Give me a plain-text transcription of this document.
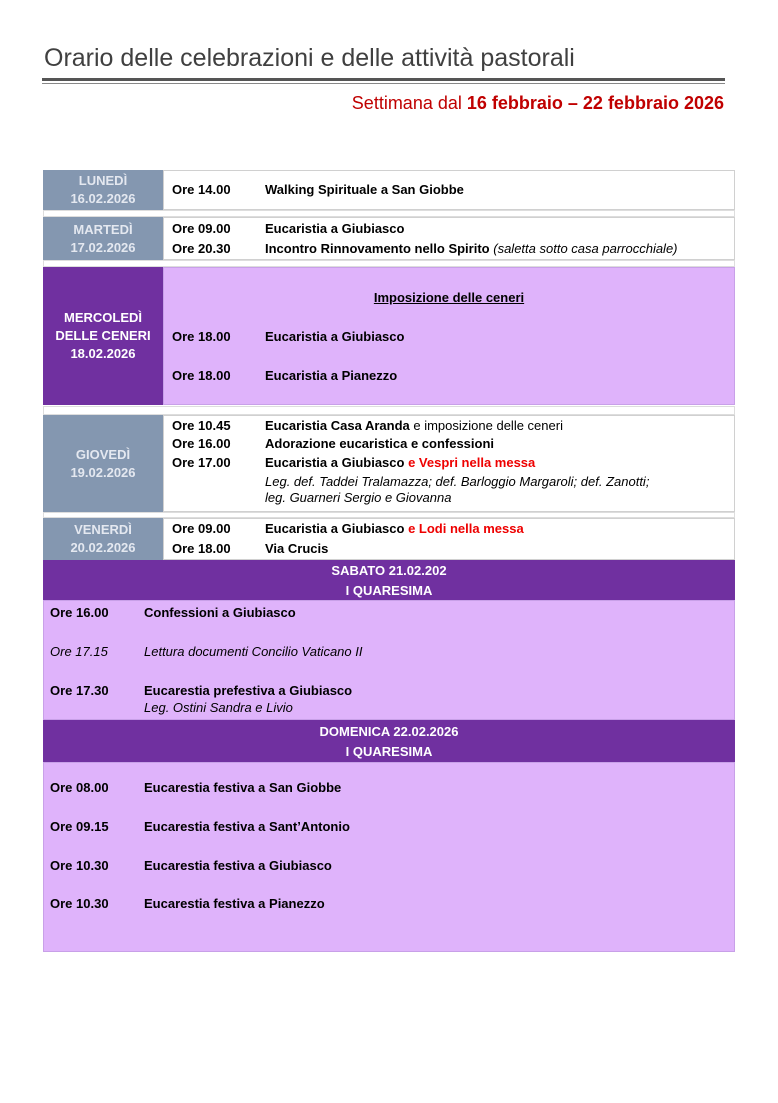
Orario delle celebrazioni e delle attività pastorali
Settimana dal 16 febbraio – 22 febbraio 2026
LUNEDÌ
16.02.2026
Ore 14.00	Walking Spirituale a San Giobbe
MARTEDÌ
17.02.2026
Ore 09.00	Eucaristia a Giubiasco
Ore 20.30	Incontro Rinnovamento nello Spirito (saletta sotto casa parrocchiale)
MERCOLEDÌ
DELLE CENERI
18.02.2026
Imposizione delle ceneri
Ore 18.00	Eucaristia a Giubiasco
Ore 18.00	Eucaristia a Pianezzo
GIOVEDÌ
19.02.2026
Ore 10.45	Eucaristia Casa Aranda e imposizione delle ceneri
Ore 16.00	Adorazione eucaristica e confessioni
Ore 17.00	Eucaristia a Giubiasco e Vespri nella messa
Leg. def. Taddei Tralamazza; def. Barloggio Margaroli; def. Zanotti;
leg. Guarneri Sergio e Giovanna
VENERDÌ
20.02.2026
Ore 09.00	Eucaristia a Giubiasco e Lodi nella messa
Ore 18.00	Via Crucis
SABATO 21.02.202
I QUARESIMA
Ore 16.00	Confessioni a Giubiasco
Ore 17.15	Lettura documenti Concilio Vaticano II
Ore 17.30	Eucarestia prefestiva a Giubiasco
Leg. Ostini Sandra e Livio
DOMENICA 22.02.2026
I QUARESIMA
Ore 08.00	Eucarestia festiva a San Giobbe
Ore 09.15	Eucarestia festiva a Sant’Antonio
Ore 10.30	Eucarestia festiva a Giubiasco
Ore 10.30	Eucarestia festiva a Pianezzo
